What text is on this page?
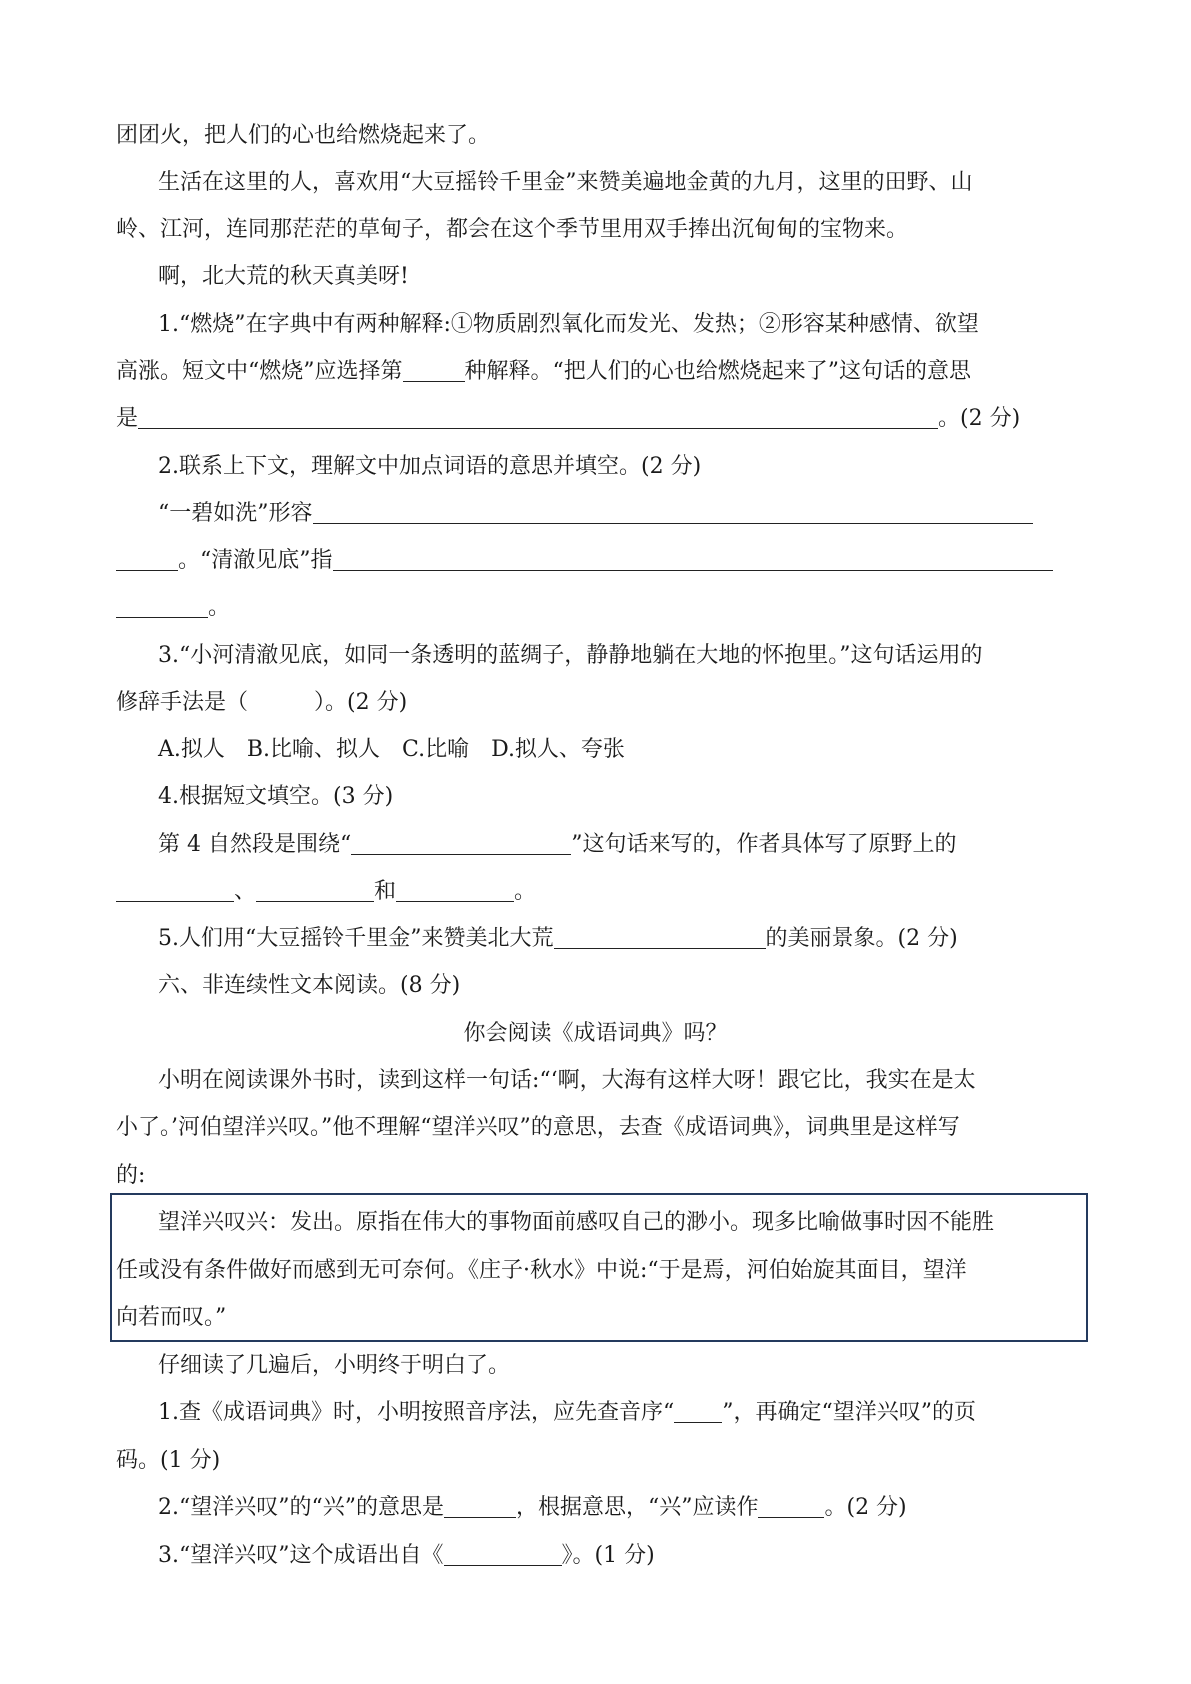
团团火，把人们的心也给燃烧起来了。
生活在这里的人，喜欢用“大豆摇铃千里金”来赞美遍地金黄的九月，这里的田野、山
岭、江河，连同那茫茫的草甸子，都会在这个季节里用双手捧出沉甸甸的宝物来。
啊，北大荒的秋天真美呀!
1.“燃烧”在字典中有两种解释:①物质剧烈氧化而发光、发热；②形容某种感情、欲望
高涨。短文中“燃烧”应选择第	种解释。“把人们的心也给燃烧起来了”这句话的意思
是	。(2 分)
2.联系上下文，理解文中加点词语的意思并填空。(2 分)
“一碧如洗”形容
。“清澈见底”指
。
3.“小河清澈见底，如同一条透明的蓝绸子，静静地躺在大地的怀抱里。”这句话运用的
修辞手法是（　　　）。(2 分)
A.拟人　B.比喻、拟人　C.比喻　D.拟人、夸张
4.根据短文填空。(3 分)
第 4 自然段是围绕“	”这句话来写的，作者具体写了原野上的
、	和	。
5.人们用“大豆摇铃千里金”来赞美北大荒	的美丽景象。(2 分)
六、非连续性文本阅读。(8 分)
你会阅读《成语词典》吗？
小明在阅读课外书时，读到这样一句话:“‘啊，大海有这样大呀！跟它比，我实在是太
小了。’河伯望洋兴叹。”他不理解“望洋兴叹”的意思，去查《成语词典》，词典里是这样写
的:
望洋兴叹兴：发出。原指在伟大的事物面前感叹自己的渺小。现多比喻做事时因不能胜
任或没有条件做好而感到无可奈何。《庄子·秋水》中说:“于是焉，河伯始旋其面目，望洋
向若而叹。”
仔细读了几遍后，小明终于明白了。
1.查《成语词典》时，小明按照音序法，应先查音序“ ”，再确定“望洋兴叹”的页
码。(1 分)
2.“望洋兴叹”的“兴”的意思是	，根据意思，“兴”应读作	。(2 分)
3.“望洋兴叹”这个成语出自《	》。(1 分)
